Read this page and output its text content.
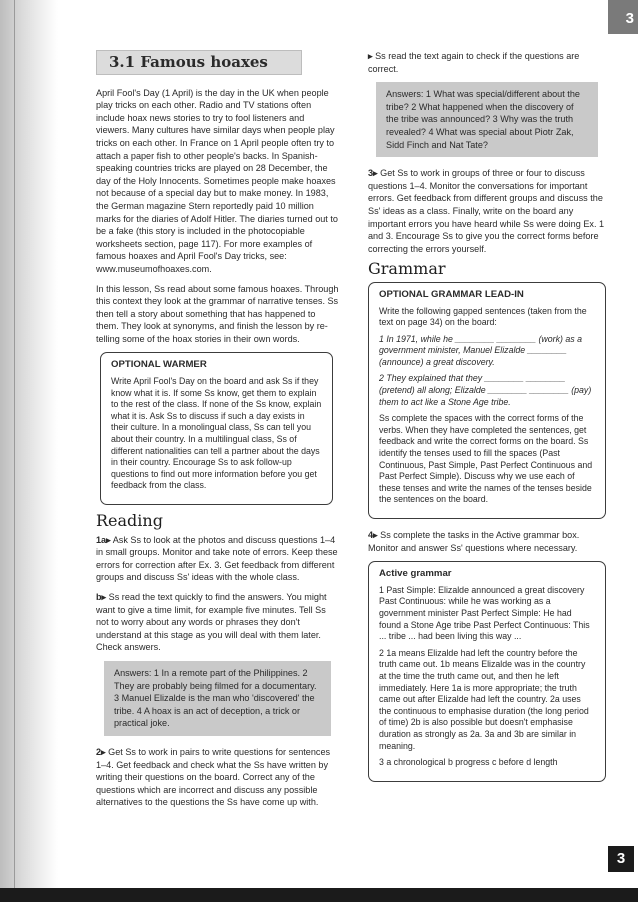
3
3.1 Famous hoaxes

April Fool's Day (1 April) is the day in the UK when people play tricks on each other. Radio and TV stations often include hoax news stories to try to fool listeners and viewers. Many cultures have similar days when people play tricks on each other. In France on 1 April people often try to attach a paper fish to other people's backs. In Spanish-speaking countries tricks are played on 28 December, the day of the Holy Innocents. Sometimes people make hoaxes not because of a special day but to make money. In 1983, the German magazine Stern reportedly paid 10 million marks for the diaries of Adolf Hitler. The diaries turned out to be a fake (this story is included in the photocopiable worksheets section, page 117). For more examples of famous hoaxes and April Fool's Day tricks, see: www.museumofhoaxes.com.

In this lesson, Ss read about some famous hoaxes. Through this context they look at the grammar of narrative tenses. Ss then tell a story about something that has happened to them. They look at synonyms, and finish the lesson by re-telling some of the hoax stories in their own words.

OPTIONAL WARMER

Write April Fool's Day on the board and ask Ss if they know what it is. If some Ss know, get them to explain to the rest of the class. If none of the Ss know, explain what it is. Ask Ss to discuss if such a day exists in their culture. In a monolingual class, Ss can tell you about their country. In a multilingual class, Ss of different nationalities can tell a partner about the days in their country. Encourage Ss to ask follow-up questions to find out more information before you get feedback from the class.

Reading

1a▸ Ask Ss to look at the photos and discuss questions 1–4 in small groups. Monitor and take note of errors. Keep these errors for correction after Ex. 3. Get feedback from different groups and discuss Ss' ideas with the whole class.

b▸ Ss read the text quickly to find the answers. You might want to give a time limit, for example five minutes. Tell Ss not to worry about any words or phrases they don't understand at this stage as you will deal with them later. Check answers.

Answers: 1 In a remote part of the Philippines. 2 They are probably being filmed for a documentary. 3 Manuel Elizalde is the man who 'discovered' the tribe. 4 A hoax is an act of deception, a trick or practical joke.

2▸ Get Ss to work in pairs to write questions for sentences 1–4. Get feedback and check what the Ss have written by writing their questions on the board. Correct any of the questions which are incorrect and discuss any possible alternatives to the questions the Ss have come up with.

▸ Ss read the text again to check if the questions are correct.

Answers: 1 What was special/different about the tribe? 2 What happened when the discovery of the tribe was announced? 3 Why was the truth revealed? 4 What was special about Piotr Zak, Sidd Finch and Nat Tate?

3▸ Get Ss to work in groups of three or four to discuss questions 1–4. Monitor the conversations for important errors. Get feedback from different groups and discuss the Ss' ideas as a class. Finally, write on the board any important errors you have heard while Ss were doing Ex. 1 and 3. Encourage Ss to give you the correct forms before correcting the errors yourself.

Grammar
OPTIONAL GRAMMAR LEAD-IN

Write the following gapped sentences (taken from the text on page 34) on the board:

1 In 1971, while he ________ ________ (work) as a government minister, Manuel Elizalde ________ (announce) a great discovery.

2 They explained that they ________ ________ (pretend) all along; Elizalde ________ ________ (pay) them to act like a Stone Age tribe.

Ss complete the spaces with the correct forms of the verbs. When they have completed the sentences, get feedback and write the correct forms on the board. Ss identify the tenses used to fill the spaces (Past Continuous, Past Simple, Past Perfect Continuous and Past Perfect Simple). Discuss why we use each of these tenses and write the names of the tenses beside the sentences on the board.

4▸ Ss complete the tasks in the Active grammar box. Monitor and answer Ss' questions where necessary.

Active grammar

1 Past Simple: Elizalde announced a great discovery Past Continuous: while he was working as a government minister Past Perfect Simple: He had found a Stone Age tribe Past Perfect Continuous: This ... tribe ... had been living this way ...

2 1a means Elizalde had left the country before the truth came out. 1b means Elizalde was in the country at the time the truth came out, and then he left immediately. Here 1a is more appropriate; the truth came out after Elizalde had left the country. 2a uses the continuous to emphasise duration (the long period of time) 2b is also possible but doesn't emphasise duration as strongly as 2a. 3a and 3b are similar in meaning.

3 a chronological b progress c before d length

3
